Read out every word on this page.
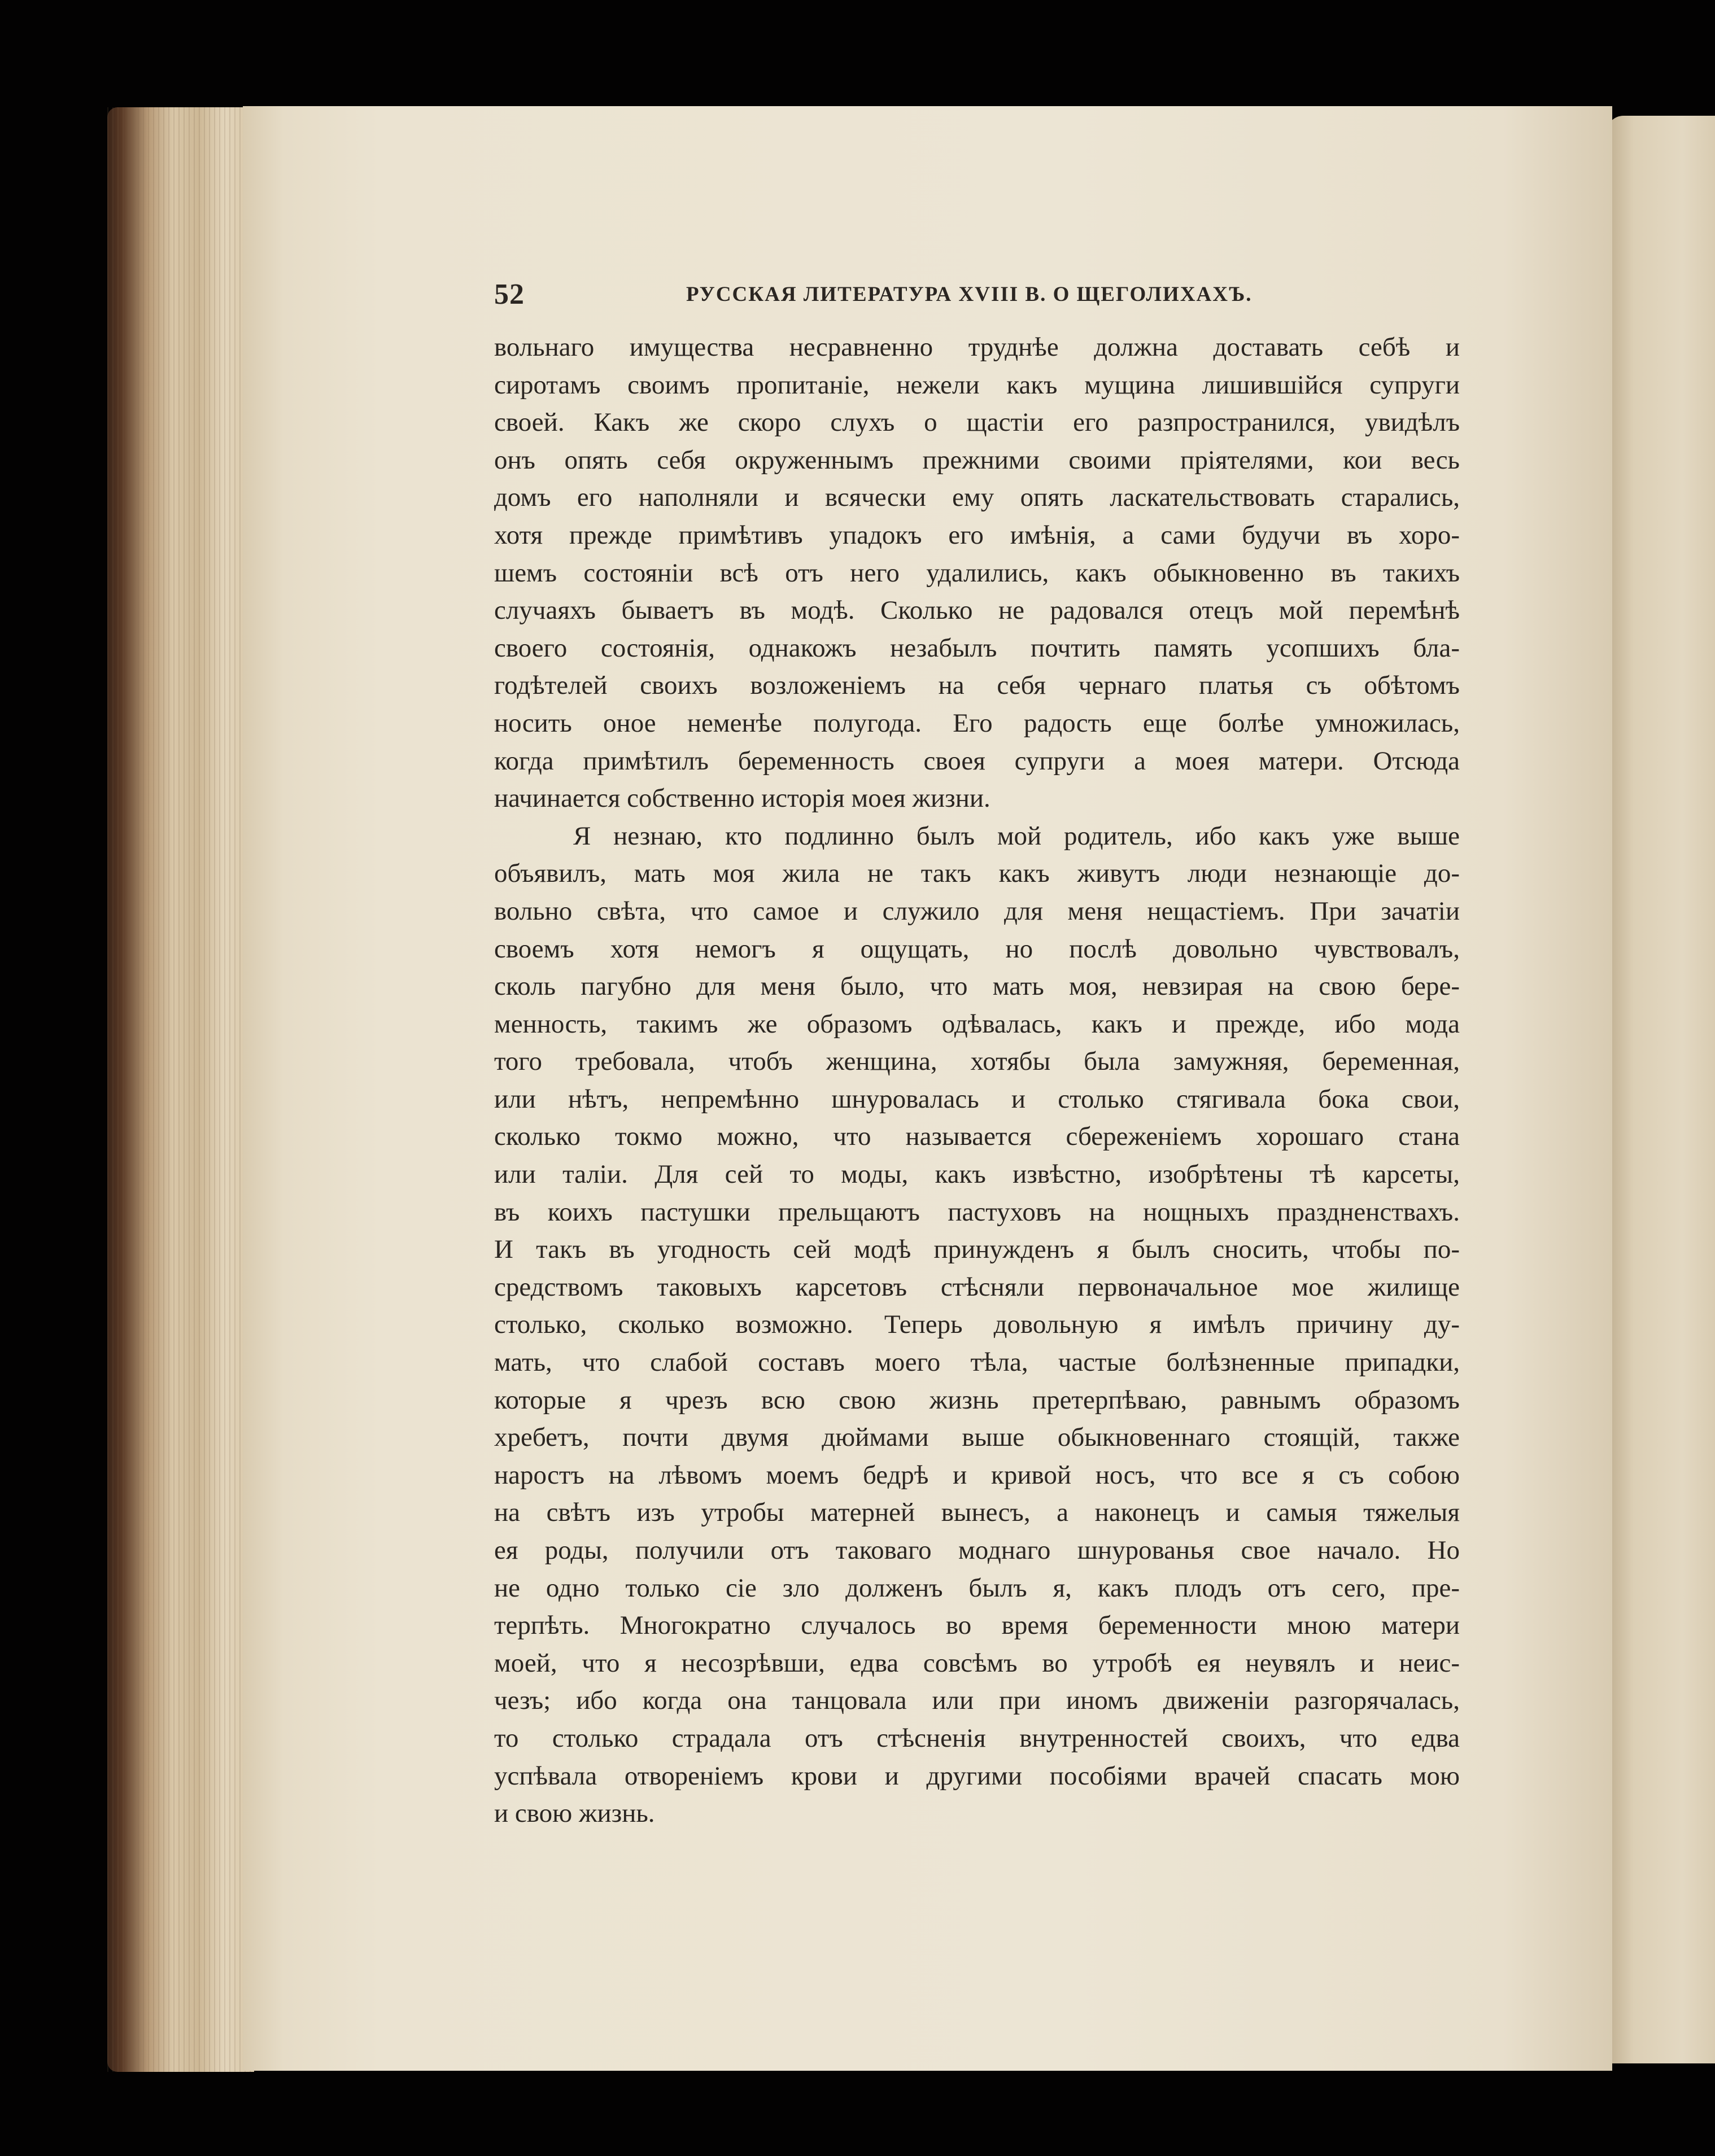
52	РУССКАЯ ЛИТЕРАТУРА XVIII В. О ЩЕГОЛИХАХЪ.
вольнаго имущества несравненно труднѣе должна доставать себѣ и
сиротамъ своимъ пропитаніе, нежели какъ мущина лишившійся супруги
своей. Какъ же скоро слухъ о щастіи его разпространился, увидѣлъ
онъ опять себя окруженнымъ прежними своими пріятелями, кои весь
домъ его наполняли и всячески ему опять ласкательствовать старались,
хотя прежде примѣтивъ упадокъ его имѣнія, а сами будучи въ хоро-
шемъ состояніи всѣ отъ него удалились, какъ обыкновенно въ такихъ
случаяхъ бываетъ въ модѣ. Сколько не радовался отецъ мой перемѣнѣ
своего состоянія, однакожъ незабылъ почтить память усопшихъ бла-
годѣтелей своихъ возложеніемъ на себя чернаго платья съ обѣтомъ
носить оное неменѣе полугода. Его радость еще болѣе умножилась,
когда примѣтилъ беременность своея супруги а моея матери. Отсюда
начинается собственно исторія моея жизни.
Я незнаю, кто подлинно былъ мой родитель, ибо какъ уже выше
объявилъ, мать моя жила не такъ какъ живутъ люди незнающіе до-
вольно свѣта, что самое и служило для меня нещастіемъ. При зачатіи
своемъ хотя немогъ я ощущать, но послѣ довольно чувствовалъ,
сколь пагубно для меня было, что мать моя, невзирая на свою бере-
менность, такимъ же образомъ одѣвалась, какъ и прежде, ибо мода
того требовала, чтобъ женщина, хотябы была замужняя, беременная,
или нѣтъ, непремѣнно шнуровалась и столько стягивала бока свои,
сколько токмо можно, что называется сбереженіемъ хорошаго стана
или таліи. Для сей то моды, какъ извѣстно, изобрѣтены тѣ карсеты,
въ коихъ пастушки прельщаютъ пастуховъ на нощныхъ праздненствахъ.
И такъ въ угодность сей модѣ принужденъ я былъ сносить, чтобы по-
средствомъ таковыхъ карсетовъ стѣсняли первоначальное мое жилище
столько, сколько возможно. Теперь довольную я имѣлъ причину ду-
мать, что слабой составъ моего тѣла, частые болѣзненные припадки,
которые я чрезъ всю свою жизнь претерпѣваю, равнымъ образомъ
хребетъ, почти двумя дюймами выше обыкновеннаго стоящій, также
наростъ на лѣвомъ моемъ бедрѣ и кривой носъ, что все я съ собою
на свѣтъ изъ утробы матерней вынесъ, а наконецъ и самыя тяжелыя
ея роды, получили отъ таковаго моднаго шнурованья свое начало. Но
не одно только сіе зло долженъ былъ я, какъ плодъ отъ сего, пре-
терпѣть. Многократно случалось во время беременности мною матери
моей, что я несозрѣвши, едва совсѣмъ во утробѣ ея неувялъ и неис-
чезъ; ибо когда она танцовала или при иномъ движеніи разгорячалась,
то столько страдала отъ стѣсненія внутренностей своихъ, что едва
успѣвала отвореніемъ крови и другими пособіями врачей спасать мою
и свою жизнь.
